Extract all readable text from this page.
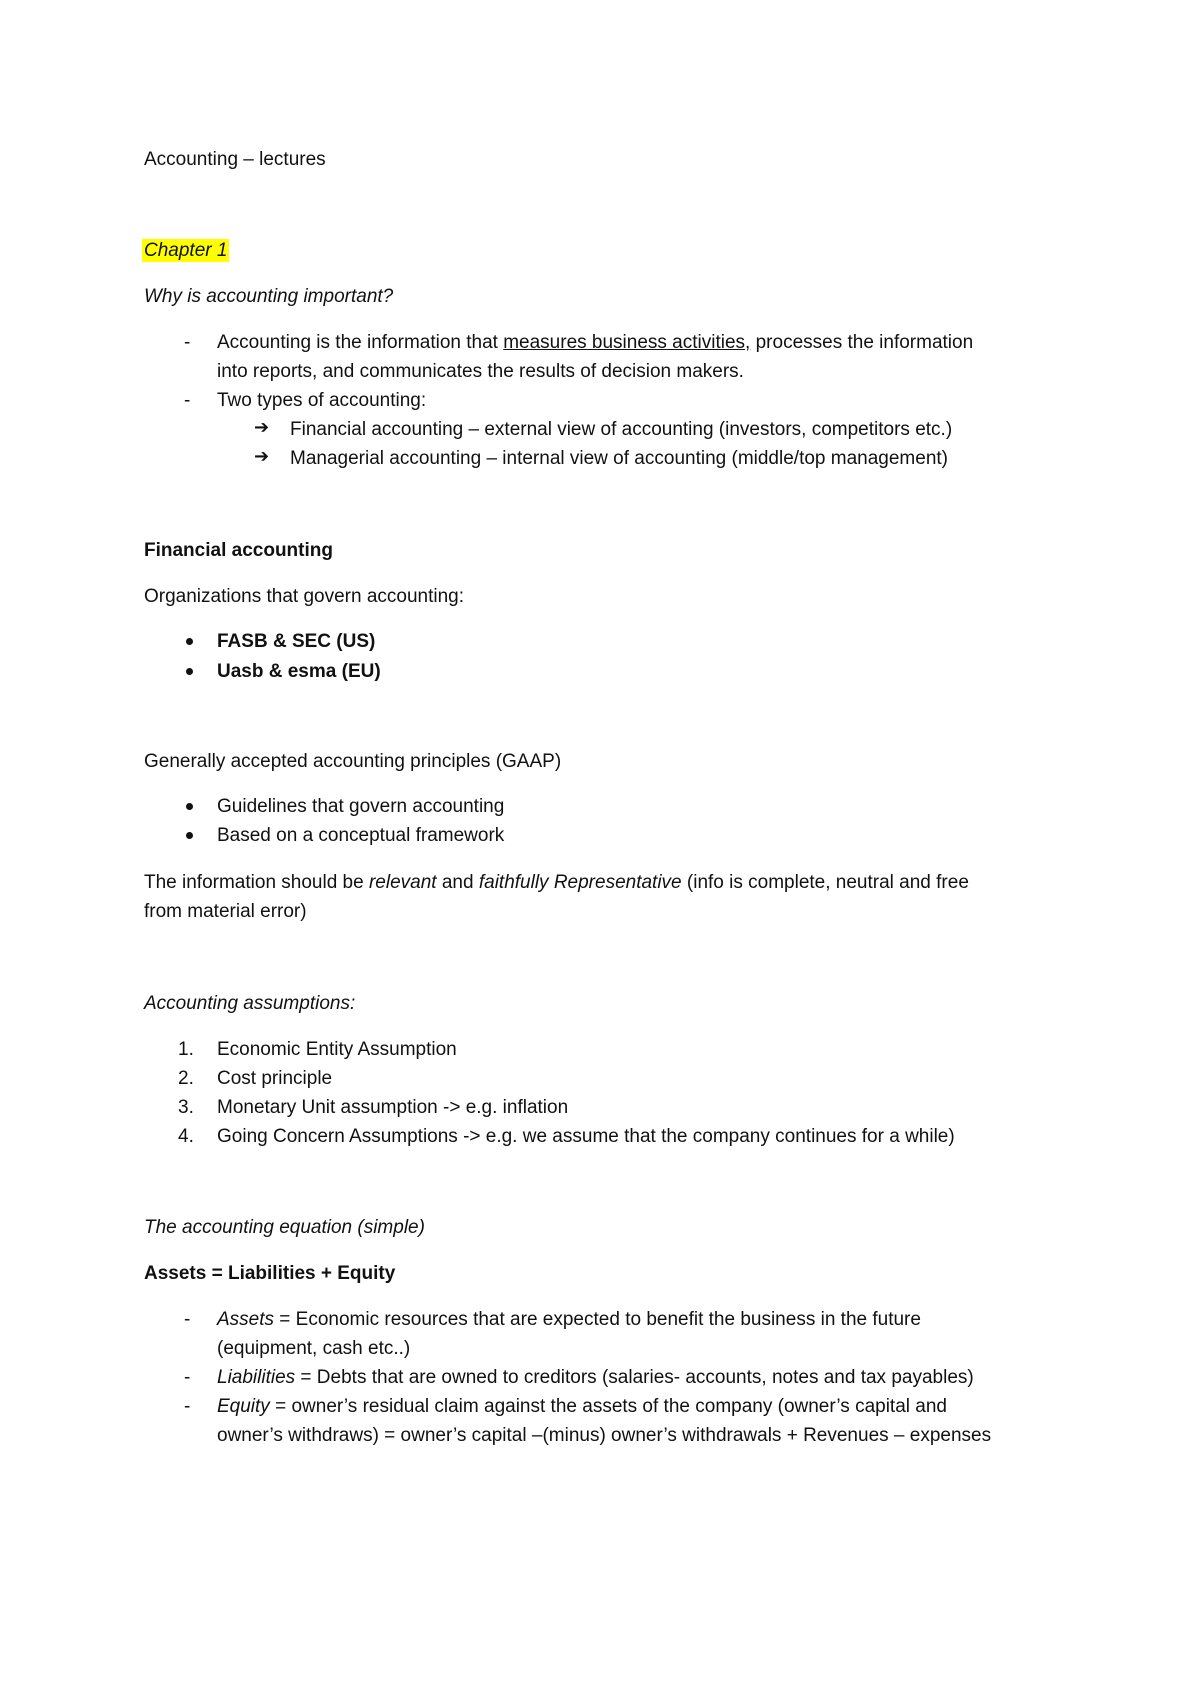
Accounting – lectures
Chapter 1
Why is accounting important?
- Accounting is the information that measures business activities, processes the information
into reports, and communicates the results of decision makers.
- Two types of accounting:
➔ Financial accounting – external view of accounting (investors, competitors etc.)
➔ Managerial accounting – internal view of accounting (middle/top management)
Financial accounting
Organizations that govern accounting:
FASB & SEC (US)
Uasb & esma (EU)
Generally accepted accounting principles (GAAP)
Guidelines that govern accounting
Based on a conceptual framework
The information should be relevant and faithfully Representative (info is complete, neutral and free
from material error)
Accounting assumptions:
1. Economic Entity Assumption
2. Cost principle
3. Monetary Unit assumption -> e.g. inflation
4. Going Concern Assumptions -> e.g. we assume that the company continues for a while)
The accounting equation (simple)
Assets = Liabilities + Equity
- Assets = Economic resources that are expected to benefit the business in the future
(equipment, cash etc..)
- Liabilities = Debts that are owned to creditors (salaries- accounts, notes and tax payables)
- Equity = owner’s residual claim against the assets of the company (owner’s capital and
owner’s withdraws) = owner’s capital –(minus) owner’s withdrawals + Revenues – expenses
